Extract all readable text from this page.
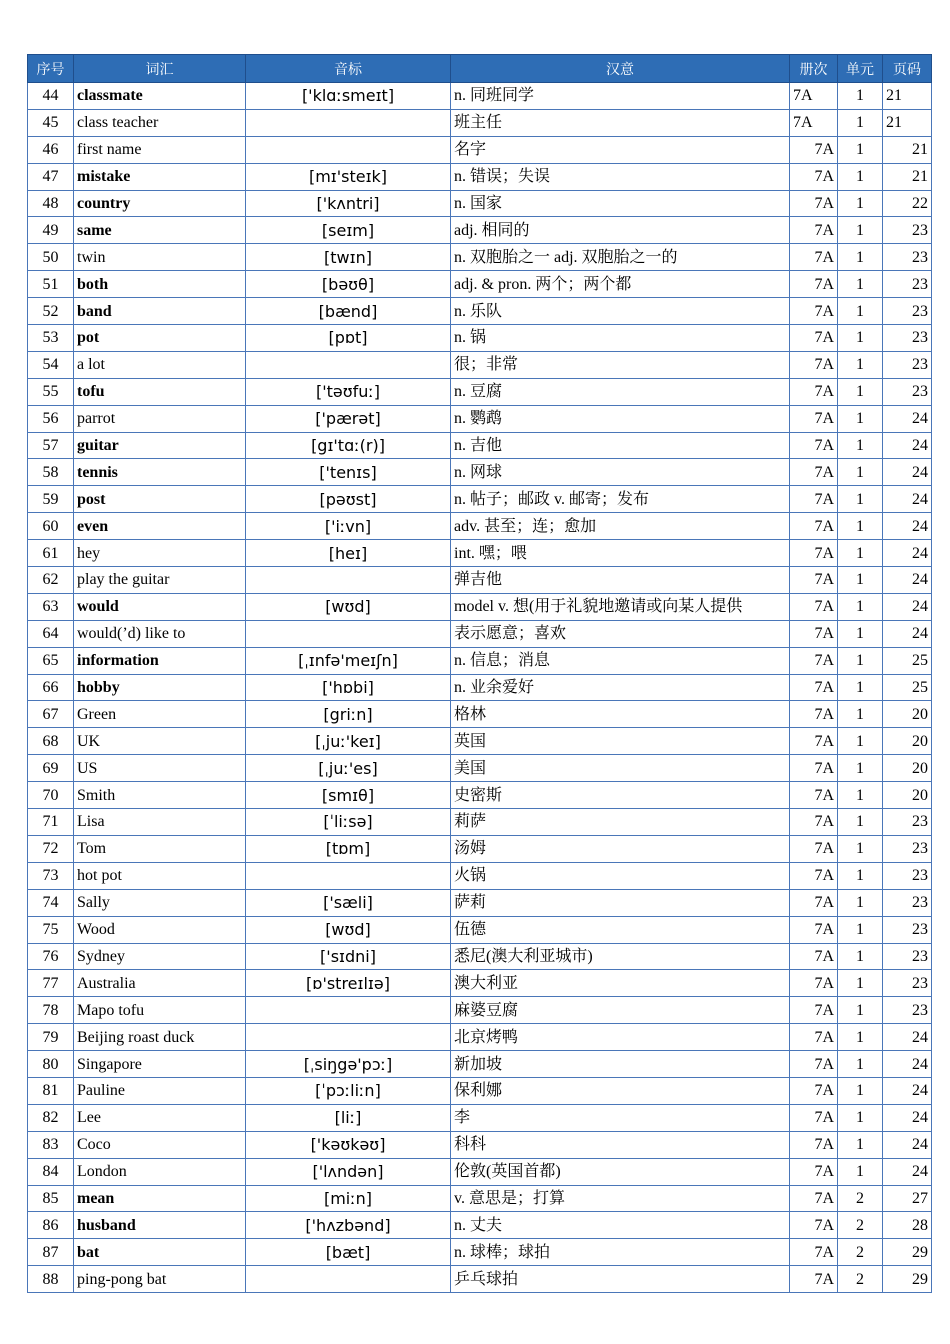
序号	词汇	音标	汉意	册次	单元	页码
44	classmate	['klɑːsmeɪt]	n. 同班同学	7A	1	21
45	class teacher		班主任	7A	1	21
46	first name		名字	7A	1	21
47	mistake	[mɪ'steɪk]	n. 错误；失误	7A	1	21
48	country	['kʌntri]	n. 国家	7A	1	22
49	same	[seɪm]	adj. 相同的	7A	1	23
50	twin	[twɪn]	n. 双胞胎之一 adj. 双胞胎之一的	7A	1	23
51	both	[bəʊθ]	adj. & pron. 两个；两个都	7A	1	23
52	band	[bænd]	n. 乐队	7A	1	23
53	pot	[pɒt]	n. 锅	7A	1	23
54	a lot		很；非常	7A	1	23
55	tofu	['təʊfuː]	n. 豆腐	7A	1	23
56	parrot	['pærət]	n. 鹦鹉	7A	1	24
57	guitar	[gɪ'tɑː(r)]	n. 吉他	7A	1	24
58	tennis	['tenɪs]	n. 网球	7A	1	24
59	post	[pəʊst]	n. 帖子；邮政 v. 邮寄；发布	7A	1	24
60	even	['iːvn]	adv. 甚至；连；愈加	7A	1	24
61	hey	[heɪ]	int. 嘿；喂	7A	1	24
62	play the guitar		弹吉他	7A	1	24
63	would	[wʊd]	model v. 想(用于礼貌地邀请或向某人提供	7A	1	24
64	would(’d) like to		表示愿意；喜欢	7A	1	24
65	information	[ˌɪnfə'meɪʃn]	n. 信息；消息	7A	1	25
66	hobby	['hɒbi]	n. 业余爱好	7A	1	25
67	Green	[griːn]	格林	7A	1	20
68	UK	[ˌjuː'keɪ]	英国	7A	1	20
69	US	[ˌjuː'es]	美国	7A	1	20
70	Smith	[smɪθ]	史密斯	7A	1	20
71	Lisa	[ˈliːsə]	莉萨	7A	1	23
72	Tom	[tɒm]	汤姆	7A	1	23
73	hot pot		火锅	7A	1	23
74	Sally	['sæli]	萨莉	7A	1	23
75	Wood	[wʊd]	伍德	7A	1	23
76	Sydney	['sɪdni]	悉尼(澳大利亚城市)	7A	1	23
77	Australia	[ɒ'streɪlɪə]	澳大利亚	7A	1	23
78	Mapo tofu		麻婆豆腐	7A	1	23
79	Beijing roast duck		北京烤鸭	7A	1	24
80	Singapore	[ˌsiŋgə'pɔː]	新加坡	7A	1	24
81	Pauline	[ˈpɔːliːn]	保利娜	7A	1	24
82	Lee	[liː]	李	7A	1	24
83	Coco	['kəʊkəʊ]	科科	7A	1	24
84	London	['lʌndən]	伦敦(英国首都)	7A	1	24
85	mean	[miːn]	v. 意思是；打算	7A	2	27
86	husband	['hʌzbənd]	n. 丈夫	7A	2	28
87	bat	[bæt]	n. 球棒；球拍	7A	2	29
88	ping-pong bat		乒乓球拍	7A	2	29
